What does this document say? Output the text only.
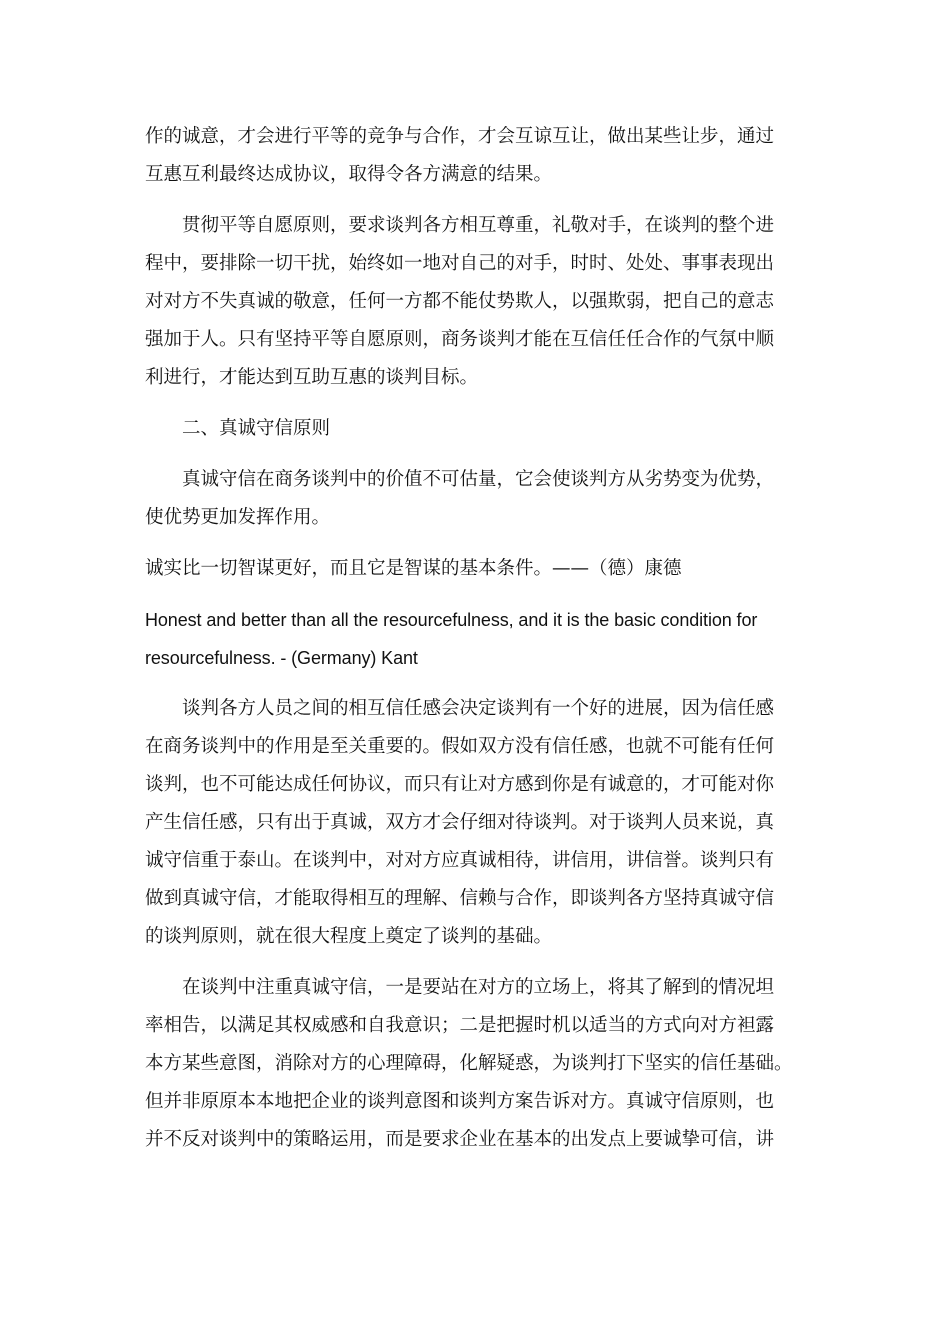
作的诚意，才会进行平等的竞争与合作，才会互谅互让，做出某些让步，通过
互惠互利最终达成协议，取得令各方满意的结果。

贯彻平等自愿原则，要求谈判各方相互尊重，礼敬对手，在谈判的整个进
程中，要排除一切干扰，始终如一地对自己的对手，时时、处处、事事表现出
对对方不失真诚的敬意，任何一方都不能仗势欺人，以强欺弱，把自己的意志
强加于人。只有坚持平等自愿原则，商务谈判才能在互信任任合作的气氛中顺
利进行，才能达到互助互惠的谈判目标。

二、真诚守信原则

真诚守信在商务谈判中的价值不可估量，它会使谈判方从劣势变为优势，
使优势更加发挥作用。

诚实比一切智谋更好，而且它是智谋的基本条件。——（德）康德

Honest and better than all the resourcefulness, and it is the basic condition for
resourcefulness. - (Germany) Kant

谈判各方人员之间的相互信任感会决定谈判有一个好的进展，因为信任感
在商务谈判中的作用是至关重要的。假如双方没有信任感，也就不可能有任何
谈判，也不可能达成任何协议，而只有让对方感到你是有诚意的，才可能对你
产生信任感，只有出于真诚，双方才会仔细对待谈判。对于谈判人员来说，真
诚守信重于泰山。在谈判中，对对方应真诚相待，讲信用，讲信誉。谈判只有
做到真诚守信，才能取得相互的理解、信赖与合作，即谈判各方坚持真诚守信
的谈判原则，就在很大程度上奠定了谈判的基础。

在谈判中注重真诚守信，一是要站在对方的立场上，将其了解到的情况坦
率相告，以满足其权威感和自我意识；二是把握时机以适当的方式向对方袒露
本方某些意图，消除对方的心理障碍，化解疑惑，为谈判打下坚实的信任基础。
但并非原原本本地把企业的谈判意图和谈判方案告诉对方。真诚守信原则，也
并不反对谈判中的策略运用，而是要求企业在基本的出发点上要诚挚可信，讲
